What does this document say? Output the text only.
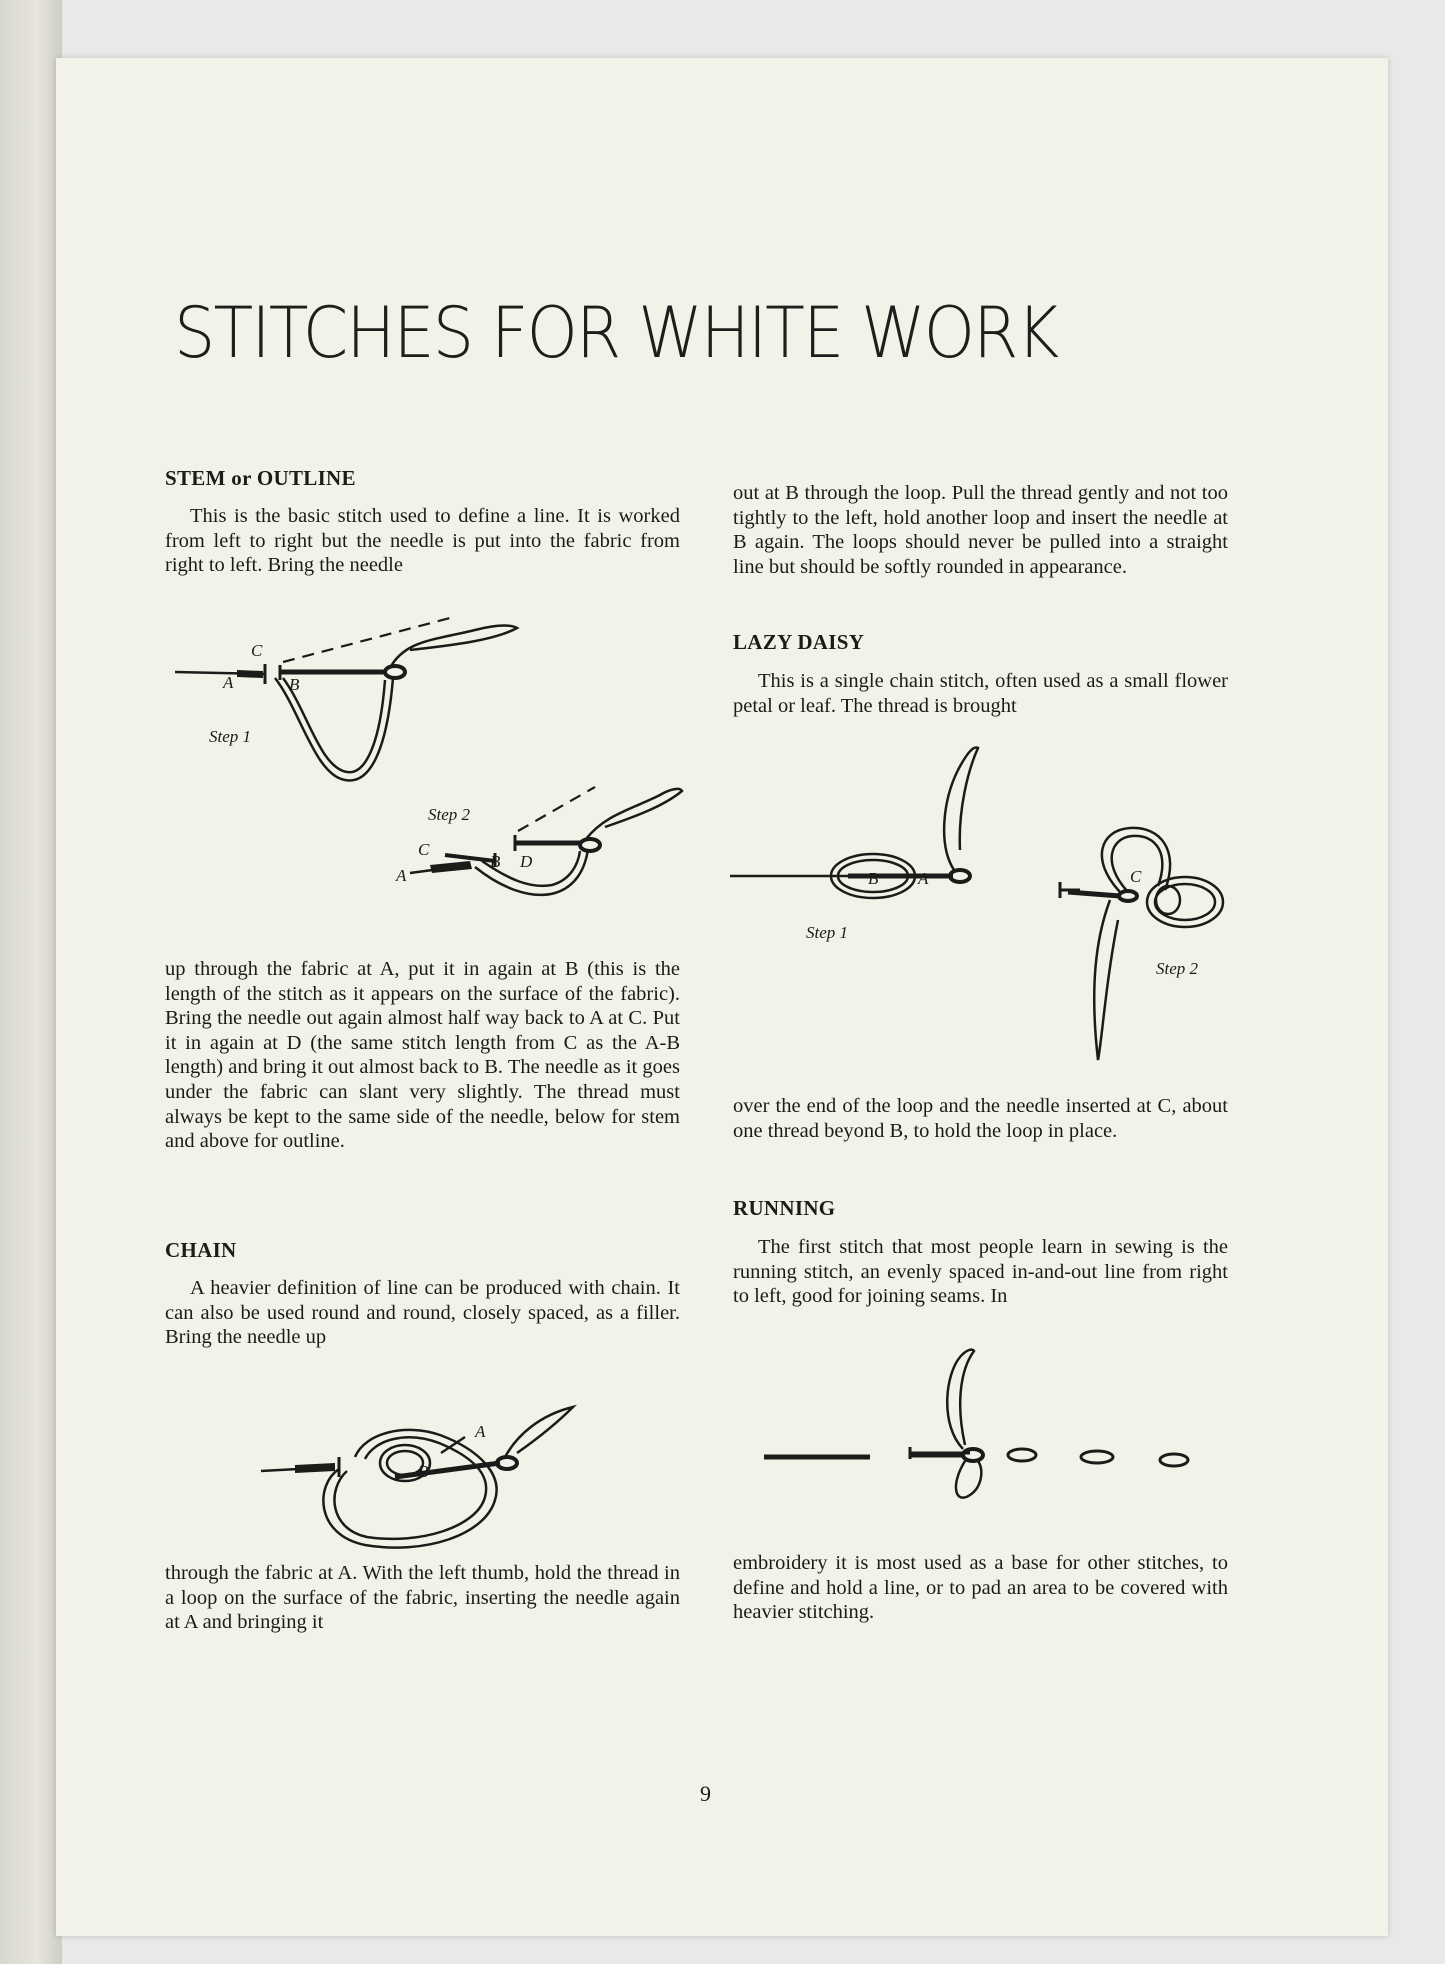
STITCHES FOR WHITE WORK
STEM or OUTLINE

This is the basic stitch used to define a line. It is worked from left to right but the needle is put into the fabric from right to left. Bring the needle

C
A	B
Step 1
Step 2
C
A
B D

up through the fabric at A, put it in again at B (this is the length of the stitch as it appears on the surface of the fabric). Bring the needle out again almost half way back to A at C. Put it in again at D (the same stitch length from C as the A-B length) and bring it out almost back to B. The needle as it goes under the fabric can slant very slightly. The thread must always be kept to the same side of the needle, below for stem and above for outline.

CHAIN

A heavier definition of line can be produced with chain. It can also be used round and round, closely spaced, as a filler. Bring the needle up

A
B

through the fabric at A. With the left thumb, hold the thread in a loop on the surface of the fabric, inserting the needle again at A and bringing it

out at B through the loop. Pull the thread gently and not too tightly to the left, hold another loop and insert the needle at B again. The loops should never be pulled into a straight line but should be softly rounded in appearance.

LAZY DAISY

This is a single chain stitch, often used as a small flower petal or leaf. The thread is brought

B A
Step 1
C
Step 2

over the end of the loop and the needle inserted at C, about one thread beyond B, to hold the loop in place.

RUNNING

The first stitch that most people learn in sewing is the running stitch, an evenly spaced in-and-out line from right to left, good for joining seams. In

embroidery it is most used as a base for other stitches, to define and hold a line, or to pad an area to be covered with heavier stitching.

9
